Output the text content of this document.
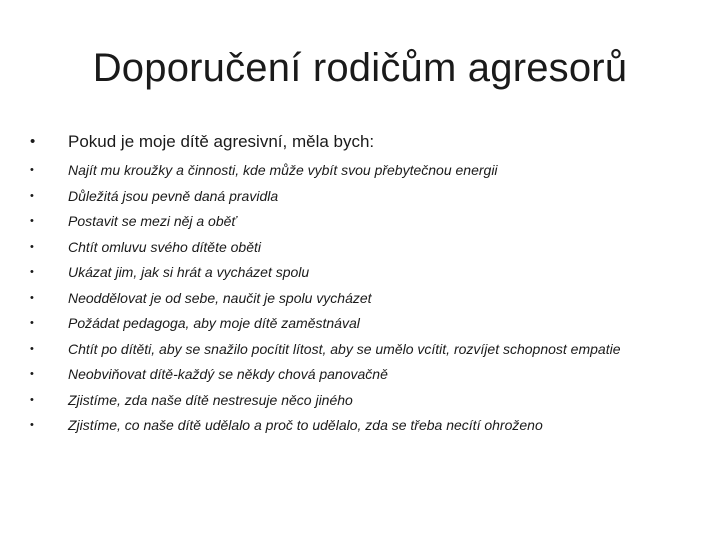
Doporučení rodičům agresorů
•	Pokud je moje dítě agresivní, měla bych:
•	Najít mu kroužky a činnosti, kde může vybít svou přebytečnou energii
•	Důležitá jsou pevně daná pravidla
•	Postavit se mezi něj a oběť
•	Chtít omluvu svého dítěte oběti
•	Ukázat jim, jak si hrát a vycházet spolu
•	Neoddělovat je od sebe, naučit je spolu vycházet
•	Požádat pedagoga, aby moje dítě zaměstnával
•	Chtít po dítěti, aby se snažilo pocítit lítost, aby se umělo vcítit, rozvíjet schopnost empatie
•	Neobviňovat dítě-každý se někdy chová panovačně
•	Zjistíme, zda naše dítě nestresuje něco jiného
•	Zjistíme, co naše dítě udělalo a proč to udělalo, zda se třeba necítí ohroženo
